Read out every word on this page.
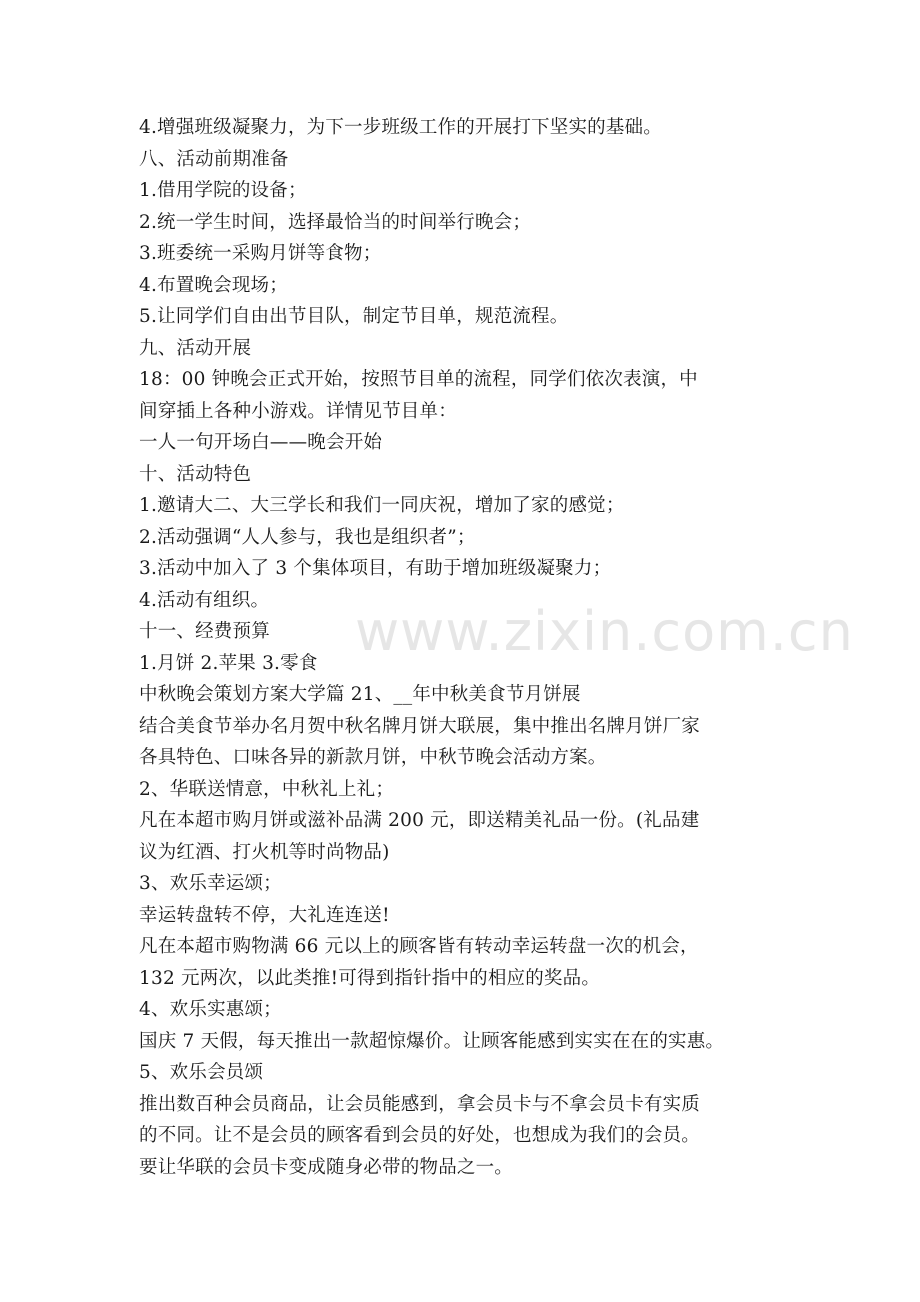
www.zixin.com.cn
4.增强班级凝聚力，为下一步班级工作的开展打下坚实的基础。
八、活动前期准备
1.借用学院的设备；
2.统一学生时间，选择最恰当的时间举行晚会；
3.班委统一采购月饼等食物；
4.布置晚会现场；
5.让同学们自由出节目队，制定节目单，规范流程。
九、活动开展
18：00 钟晚会正式开始，按照节目单的流程，同学们依次表演，中
间穿插上各种小游戏。详情见节目单：
一人一句开场白——晚会开始
十、活动特色
1.邀请大二、大三学长和我们一同庆祝，增加了家的感觉；
2.活动强调“人人参与，我也是组织者”；
3.活动中加入了 3 个集体项目，有助于增加班级凝聚力；
4.活动有组织。
十一、经费预算
1.月饼 2.苹果 3.零食
中秋晚会策划方案大学篇 21、__年中秋美食节月饼展
结合美食节举办名月贺中秋名牌月饼大联展，集中推出名牌月饼厂家
各具特色、口味各异的新款月饼，中秋节晚会活动方案。
2、华联送情意，中秋礼上礼；
凡在本超市购月饼或滋补品满 200 元，即送精美礼品一份。(礼品建
议为红酒、打火机等时尚物品)
3、欢乐幸运颂；
幸运转盘转不停，大礼连连送!
凡在本超市购物满 66 元以上的顾客皆有转动幸运转盘一次的机会，
132 元两次，以此类推!可得到指针指中的相应的奖品。
4、欢乐实惠颂；
国庆 7 天假，每天推出一款超惊爆价。让顾客能感到实实在在的实惠。
5、欢乐会员颂
推出数百种会员商品，让会员能感到，拿会员卡与不拿会员卡有实质
的不同。让不是会员的顾客看到会员的好处，也想成为我们的会员。
要让华联的会员卡变成随身必带的物品之一。
